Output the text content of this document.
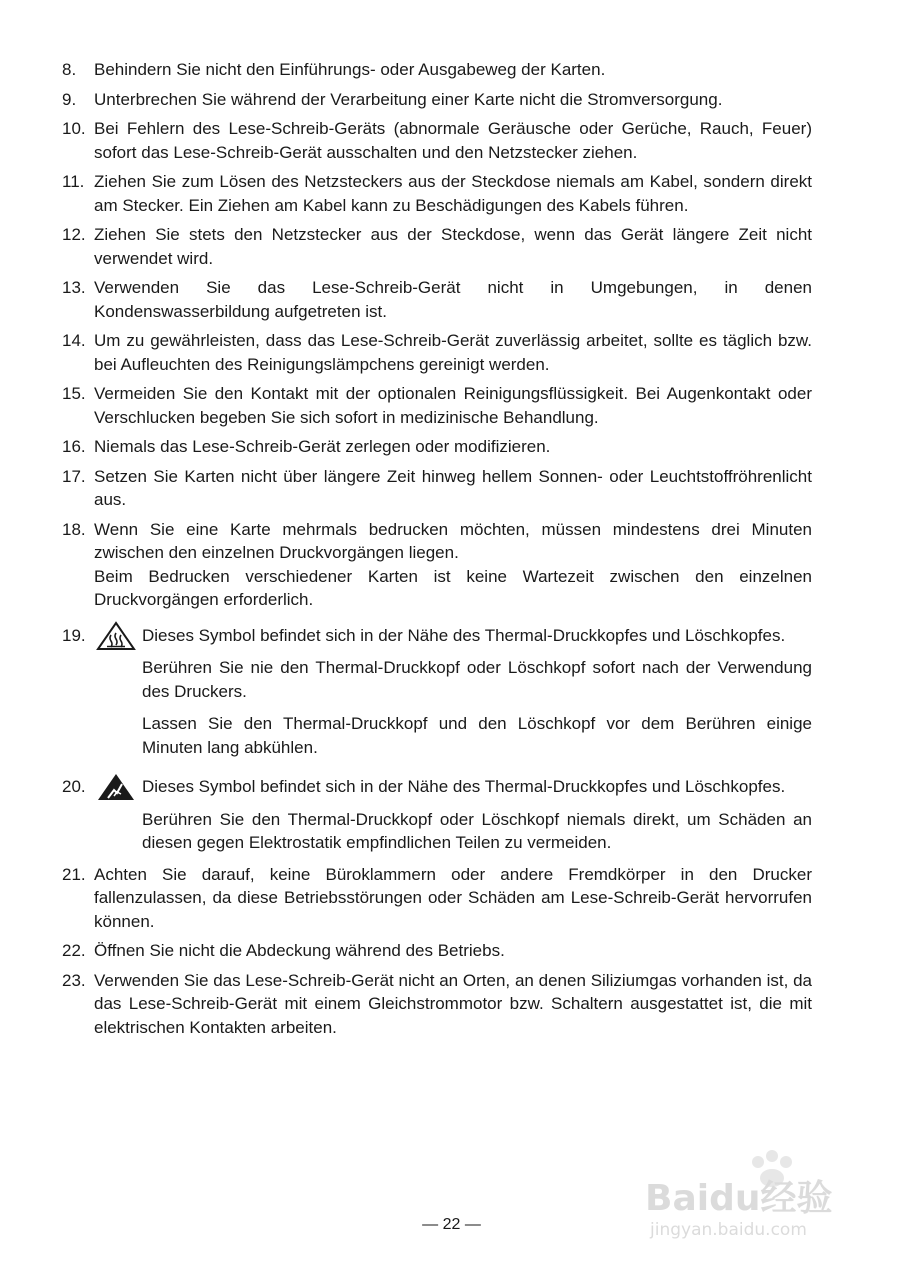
8.	Behindern Sie nicht den Einführungs- oder Ausgabeweg der Karten.

9.	Unterbrechen Sie während der Verarbeitung einer Karte nicht die Stromversorgung.

10. Bei Fehlern des Lese-Schreib-Geräts (abnormale Geräusche oder Gerüche, Rauch, Feuer) sofort das Lese-Schreib-Gerät ausschalten und den Netzstecker ziehen.

11. Ziehen Sie zum Lösen des Netzsteckers aus der Steckdose niemals am Kabel, sondern direkt am Stecker. Ein Ziehen am Kabel kann zu Beschädigungen des Kabels führen.

12. Ziehen Sie stets den Netzstecker aus der Steckdose, wenn das Gerät längere Zeit nicht verwendet wird.

13. Verwenden Sie das Lese-Schreib-Gerät nicht in Umgebungen, in denen Kondenswasserbildung aufgetreten ist.

14. Um zu gewährleisten, dass das Lese-Schreib-Gerät zuverlässig arbeitet, sollte es täglich bzw. bei Aufleuchten des Reinigungslämpchens gereinigt werden.

15. Vermeiden Sie den Kontakt mit der optionalen Reinigungsflüssigkeit. Bei Augenkontakt oder Verschlucken begeben Sie sich sofort in medizinische Behandlung.

16. Niemals das Lese-Schreib-Gerät zerlegen oder modifizieren.

17. Setzen Sie Karten nicht über längere Zeit hinweg hellem Sonnen- oder Leuchtstoffröhrenlicht aus.

18. Wenn Sie eine Karte mehrmals bedrucken möchten, müssen mindestens drei Minuten zwischen den einzelnen Druckvorgängen liegen.

Beim Bedrucken verschiedener Karten ist keine Wartezeit zwischen den einzelnen Druckvorgängen erforderlich.

19.	Dieses Symbol befindet sich in der Nähe des Thermal-Druckkopfes und Löschkopfes.

Berühren Sie nie den Thermal-Druckkopf oder Löschkopf sofort nach der Verwendung des Druckers.

Lassen Sie den Thermal-Druckkopf und den Löschkopf vor dem Berühren einige Minuten lang abkühlen.

20.	Dieses Symbol befindet sich in der Nähe des Thermal-Druckkopfes und Löschkopfes.

Berühren Sie den Thermal-Druckkopf oder Löschkopf niemals direkt, um Schäden an diesen gegen Elektrostatik empfindlichen Teilen zu vermeiden.

21. Achten Sie darauf, keine Büroklammern oder andere Fremdkörper in den Drucker fallenzulassen, da diese Betriebsstörungen oder Schäden am Lese-Schreib-Gerät hervorrufen können.

22. Öffnen Sie nicht die Abdeckung während des Betriebs.

23. Verwenden Sie das Lese-Schreib-Gerät nicht an Orten, an denen Siliziumgas vorhanden ist, da das Lese-Schreib-Gerät mit einem Gleichstrommotor bzw. Schaltern ausgestattet ist, die mit elektrischen Kontakten arbeiten.

Baidu经验
jingyan.baidu.com
— 22 —
